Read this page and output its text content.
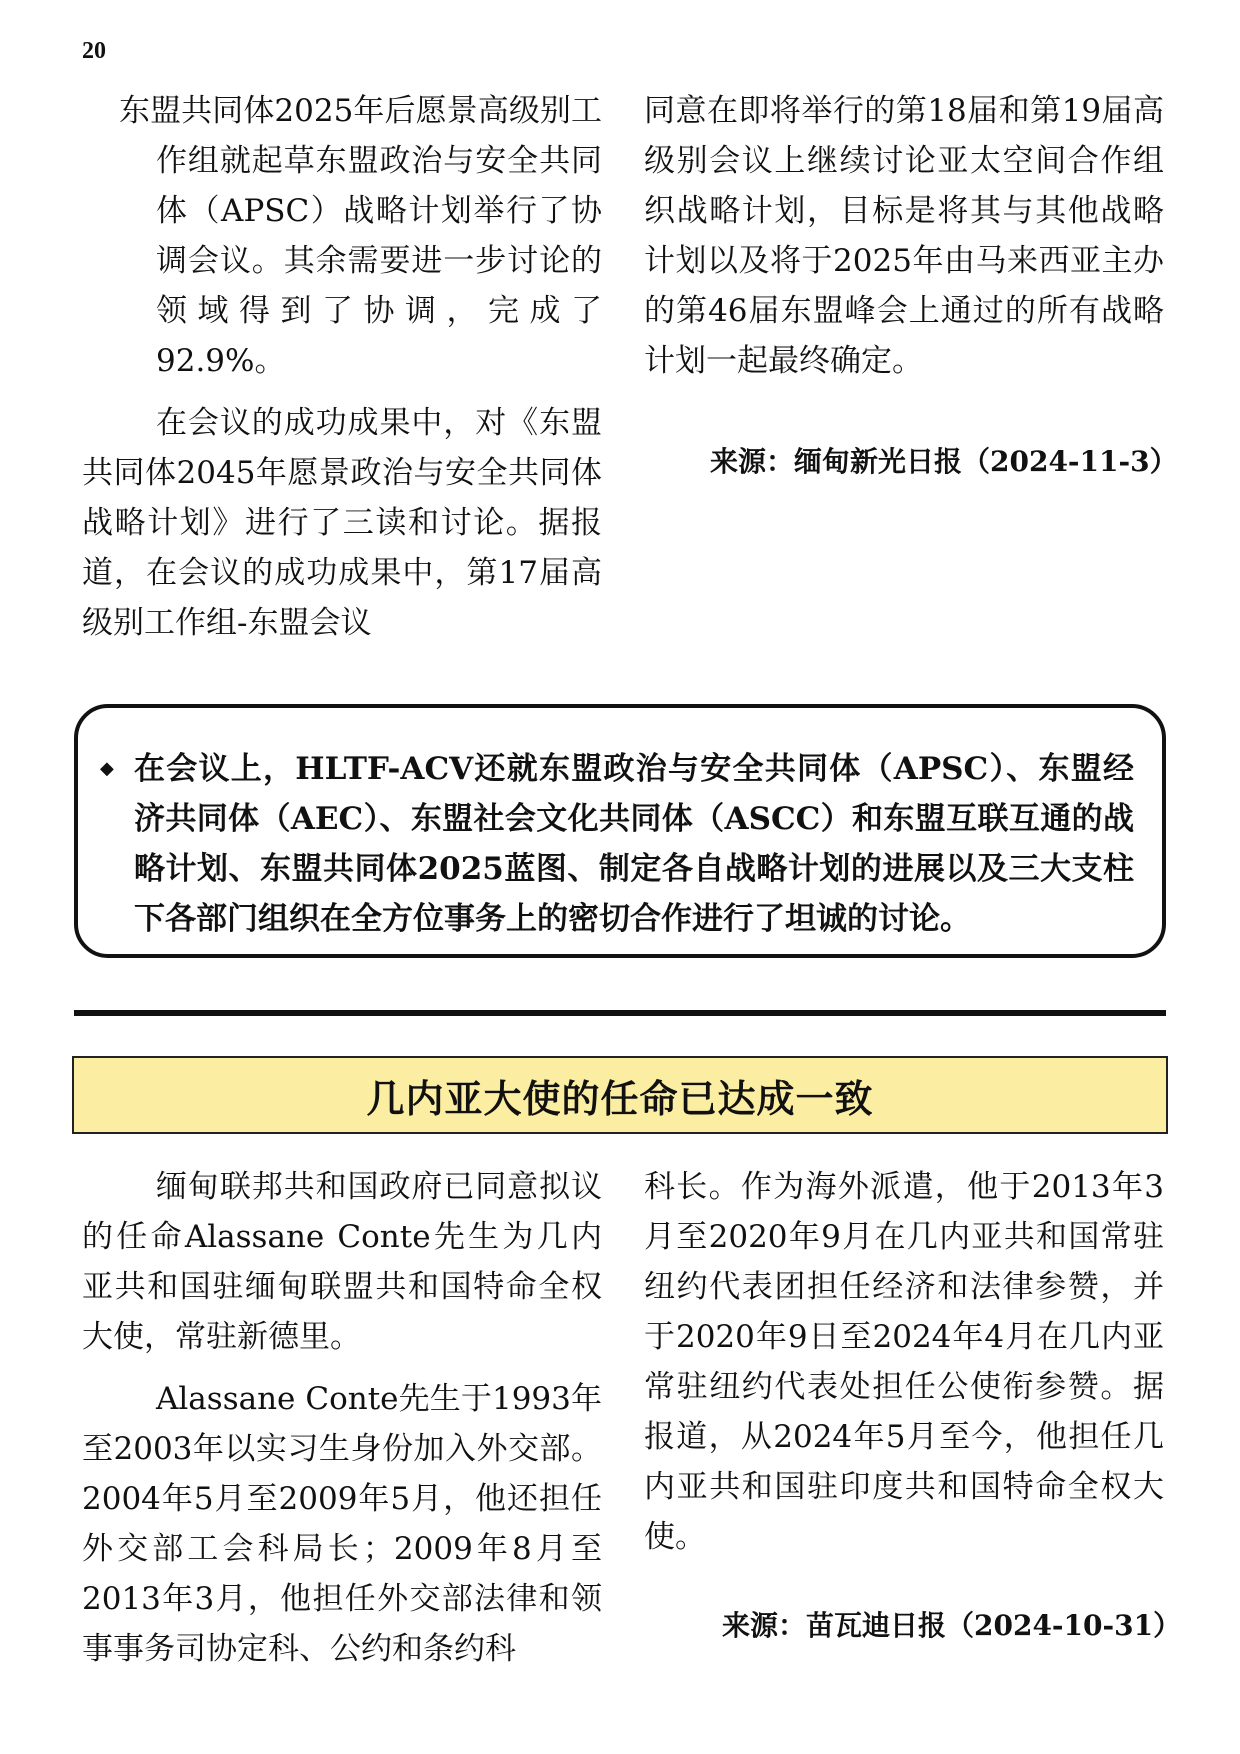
20

东盟共同体2025年后愿景高级别工作组就起草东盟政治与安全共同体（APSC）战略计划举行了协调会议。其余需要进一步讨论的领域得到了协调，完成了92.9%。

在会议的成功成果中，对《东盟共同体2045年愿景政治与安全共同体战略计划》进行了三读和讨论。据报道，在会议的成功成果中，第17届高级别工作组-东盟会议

同意在即将举行的第18届和第19届高级别会议上继续讨论亚太空间合作组织战略计划，目标是将其与其他战略计划以及将于2025年由马来西亚主办的第46届东盟峰会上通过的所有战略计划一起最终确定。

来源：缅甸新光日报（2024-11-3）
◆ 在会议上，HLTF-ACV还就东盟政治与安全共同体（APSC）、东盟经济共同体（AEC）、东盟社会文化共同体（ASCC）和东盟互联互通的战略计划、东盟共同体2025蓝图、制定各自战略计划的进展以及三大支柱下各部门组织在全方位事务上的密切合作进行了坦诚的讨论。
几内亚大使的任命已达成一致

缅甸联邦共和国政府已同意拟议的任命Alassane Conte先生为几内亚共和国驻缅甸联盟共和国特命全权大使，常驻新德里。

Alassane Conte先生于1993年至2003年以实习生身份加入外交部。2004年5月至2009年5月，他还担任外交部工会科局长；2009年8月至2013年3月，他担任外交部法律和领事事务司协定科、公约和条约科

科长。作为海外派遣，他于2013年3月至2020年9月在几内亚共和国常驻纽约代表团担任经济和法律参赞，并于2020年9日至2024年4月在几内亚常驻纽约代表处担任公使衔参赞。据报道，从2024年5月至今，他担任几内亚共和国驻印度共和国特命全权大使。

来源：苗瓦迪日报（2024-10-31）
